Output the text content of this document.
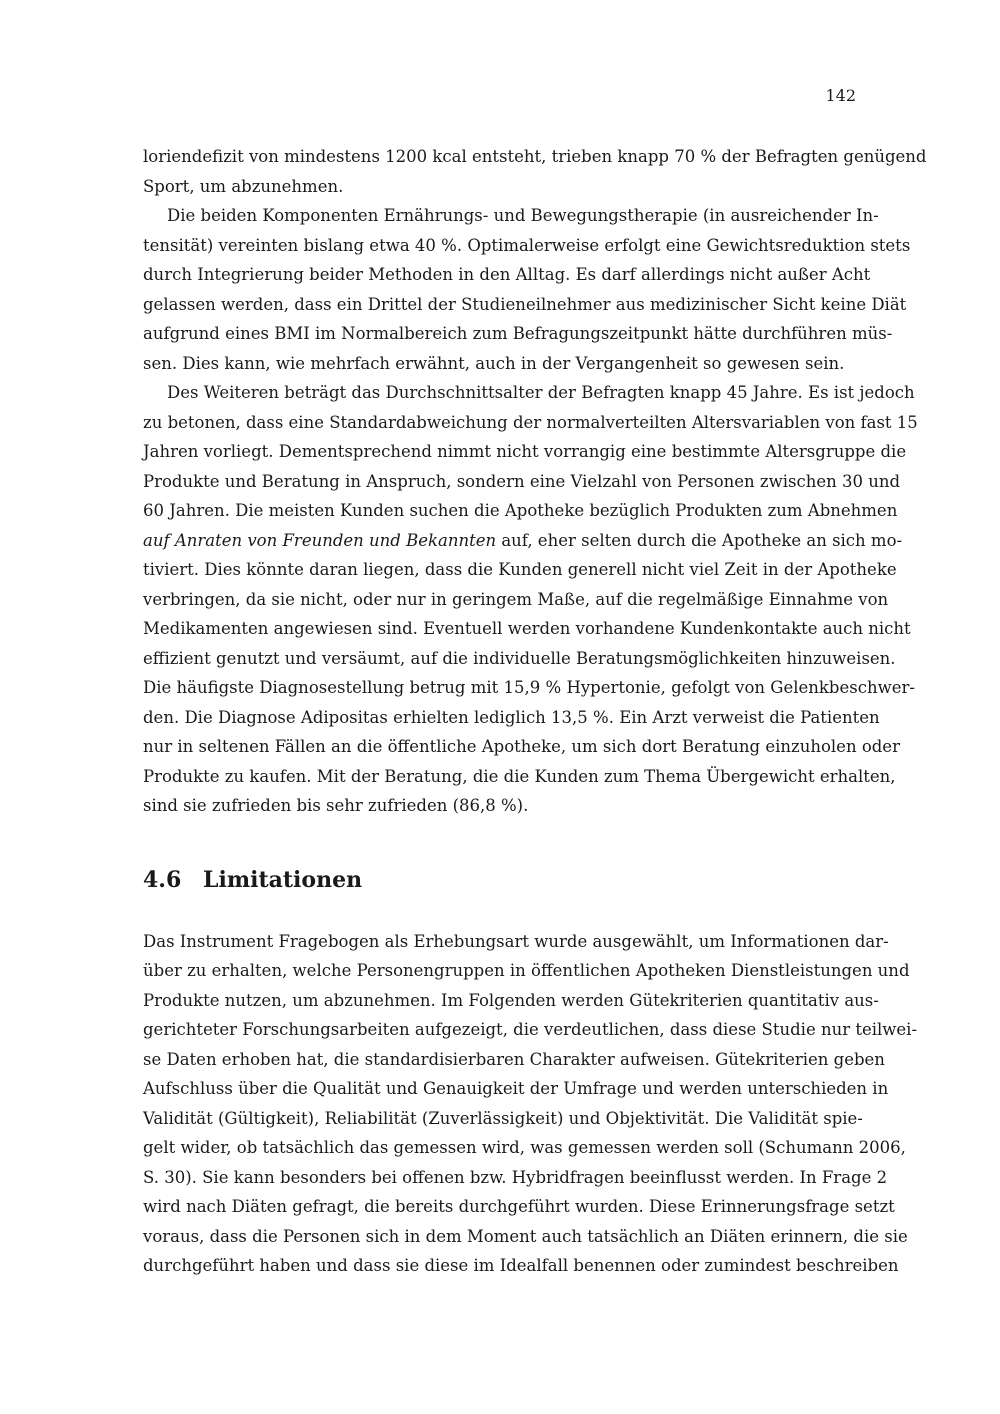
142
loriendefizit von mindestens 1200 kcal entsteht, trieben knapp 70 % der Befragten genügend
Sport, um abzunehmen.
Die beiden Komponenten Ernährungs- und Bewegungstherapie (in ausreichender In-
tensität) vereinten bislang etwa 40 %. Optimalerweise erfolgt eine Gewichtsreduktion stets
durch Integrierung beider Methoden in den Alltag. Es darf allerdings nicht außer Acht
gelassen werden, dass ein Drittel der Studieneilnehmer aus medizinischer Sicht keine Diät
aufgrund eines BMI im Normalbereich zum Befragungszeitpunkt hätte durchführen müs-
sen. Dies kann, wie mehrfach erwähnt, auch in der Vergangenheit so gewesen sein.
Des Weiteren beträgt das Durchschnittsalter der Befragten knapp 45 Jahre. Es ist jedoch
zu betonen, dass eine Standardabweichung der normalverteilten Altersvariablen von fast 15
Jahren vorliegt. Dementsprechend nimmt nicht vorrangig eine bestimmte Altersgruppe die
Produkte und Beratung in Anspruch, sondern eine Vielzahl von Personen zwischen 30 und
60 Jahren. Die meisten Kunden suchen die Apotheke bezüglich Produkten zum Abnehmen
auf Anraten von Freunden und Bekannten auf, eher selten durch die Apotheke an sich mo-
tiviert. Dies könnte daran liegen, dass die Kunden generell nicht viel Zeit in der Apotheke
verbringen, da sie nicht, oder nur in geringem Maße, auf die regelmäßige Einnahme von
Medikamenten angewiesen sind. Eventuell werden vorhandene Kundenkontakte auch nicht
effizient genutzt und versäumt, auf die individuelle Beratungsmöglichkeiten hinzuweisen.
Die häufigste Diagnosestellung betrug mit 15,9 % Hypertonie, gefolgt von Gelenkbeschwer-
den. Die Diagnose Adipositas erhielten lediglich 13,5 %. Ein Arzt verweist die Patienten
nur in seltenen Fällen an die öffentliche Apotheke, um sich dort Beratung einzuholen oder
Produkte zu kaufen. Mit der Beratung, die die Kunden zum Thema Übergewicht erhalten,
sind sie zufrieden bis sehr zufrieden (86,8 %).
4.6 Limitationen
Das Instrument Fragebogen als Erhebungsart wurde ausgewählt, um Informationen dar-
über zu erhalten, welche Personengruppen in öffentlichen Apotheken Dienstleistungen und
Produkte nutzen, um abzunehmen. Im Folgenden werden Gütekriterien quantitativ aus-
gerichteter Forschungsarbeiten aufgezeigt, die verdeutlichen, dass diese Studie nur teilwei-
se Daten erhoben hat, die standardisierbaren Charakter aufweisen. Gütekriterien geben
Aufschluss über die Qualität und Genauigkeit der Umfrage und werden unterschieden in
Validität (Gültigkeit), Reliabilität (Zuverlässigkeit) und Objektivität. Die Validität spie-
gelt wider, ob tatsächlich das gemessen wird, was gemessen werden soll (Schumann 2006,
S. 30). Sie kann besonders bei offenen bzw. Hybridfragen beeinflusst werden. In Frage 2
wird nach Diäten gefragt, die bereits durchgeführt wurden. Diese Erinnerungsfrage setzt
voraus, dass die Personen sich in dem Moment auch tatsächlich an Diäten erinnern, die sie
durchgeführt haben und dass sie diese im Idealfall benennen oder zumindest beschreiben
